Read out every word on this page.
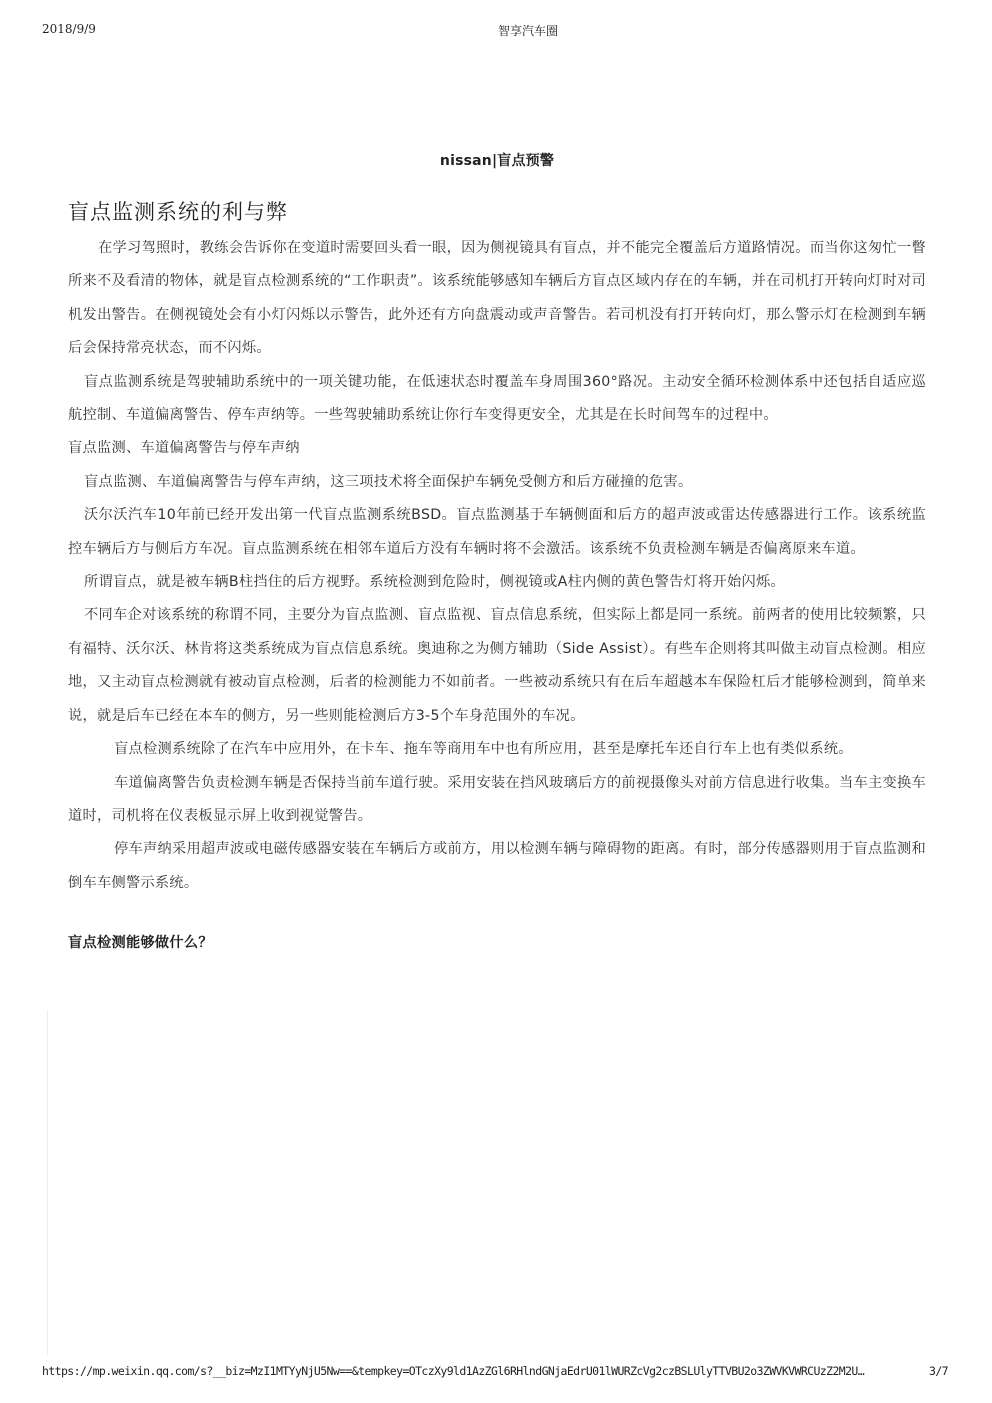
2018/9/9	智享汽车圈
nissan|盲点预警
盲点监测系统的利与弊

在学习驾照时，教练会告诉你在变道时需要回头看一眼，因为侧视镜具有盲点，并不能完全覆盖后方道路情况。而当你这匆忙一瞥所来不及看清的物体，就是盲点检测系统的“工作职责”。该系统能够感知车辆后方盲点区域内存在的车辆，并在司机打开转向灯时对司机发出警告。在侧视镜处会有小灯闪烁以示警告，此外还有方向盘震动或声音警告。若司机没有打开转向灯，那么警示灯在检测到车辆后会保持常亮状态，而不闪烁。

盲点监测系统是驾驶辅助系统中的一项关键功能，在低速状态时覆盖车身周围360°路况。主动安全循环检测体系中还包括自适应巡航控制、车道偏离警告、停车声纳等。一些驾驶辅助系统让你行车变得更安全，尤其是在长时间驾车的过程中。

盲点监测、车道偏离警告与停车声纳

盲点监测、车道偏离警告与停车声纳，这三项技术将全面保护车辆免受侧方和后方碰撞的危害。

沃尔沃汽车10年前已经开发出第一代盲点监测系统BSD。盲点监测基于车辆侧面和后方的超声波或雷达传感器进行工作。该系统监控车辆后方与侧后方车况。盲点监测系统在相邻车道后方没有车辆时将不会激活。该系统不负责检测车辆是否偏离原来车道。

所谓盲点，就是被车辆B柱挡住的后方视野。系统检测到危险时，侧视镜或A柱内侧的黄色警告灯将开始闪烁。

不同车企对该系统的称谓不同，主要分为盲点监测、盲点监视、盲点信息系统，但实际上都是同一系统。前两者的使用比较频繁，只有福特、沃尔沃、林肯将这类系统成为盲点信息系统。奥迪称之为侧方辅助（Side Assist）。有些车企则将其叫做主动盲点检测。相应地，又主动盲点检测就有被动盲点检测，后者的检测能力不如前者。一些被动系统只有在后车超越本车保险杠后才能够检测到，简单来说，就是后车已经在本车的侧方，另一些则能检测后方3-5个车身范围外的车况。

盲点检测系统除了在汽车中应用外，在卡车、拖车等商用车中也有所应用，甚至是摩托车还自行车上也有类似系统。

车道偏离警告负责检测车辆是否保持当前车道行驶。采用安装在挡风玻璃后方的前视摄像头对前方信息进行收集。当车主变换车道时，司机将在仪表板显示屏上收到视觉警告。

停车声纳采用超声波或电磁传感器安装在车辆后方或前方，用以检测车辆与障碍物的距离。有时，部分传感器则用于盲点监测和倒车车侧警示系统。

盲点检测能够做什么？
https://mp.weixin.qq.com/s?__biz=MzI1MTYyNjU5Nw==&tempkey=OTczXy9ld1AzZGl6RHlndGNjaEdrU01lWURZcVg2czBSLUlyTTVBU2o3ZWVKVWRCUzZ2M2U…	3/7
